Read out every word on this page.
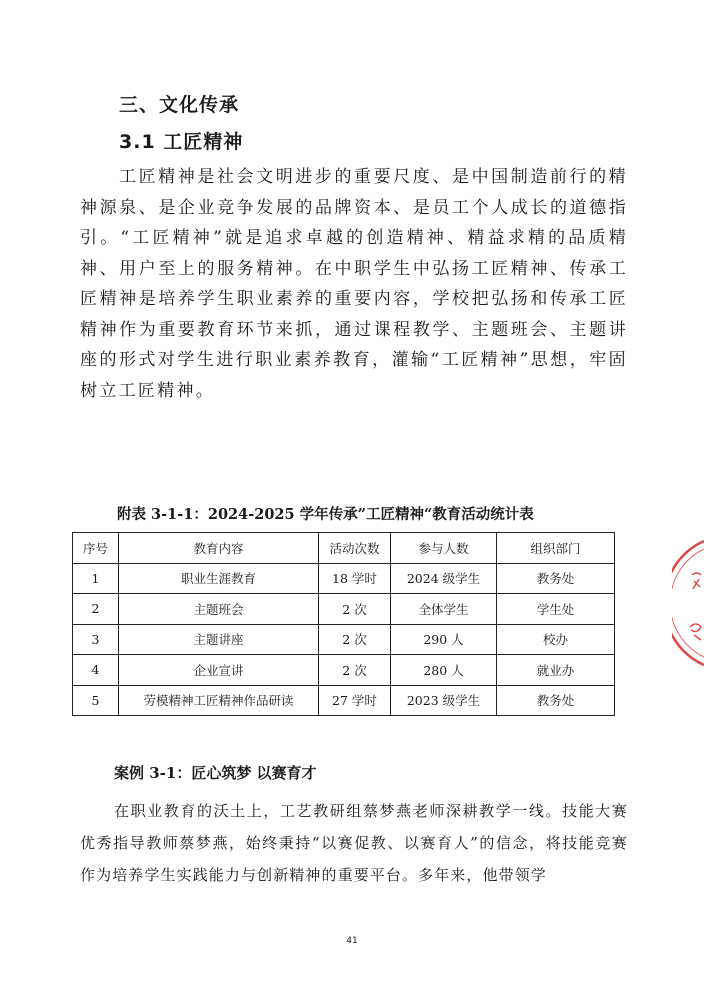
三、文化传承
3.1 工匠精神

工匠精神是社会文明进步的重要尺度、是中国制造前行的精神源泉、是企业竞争发展的品牌资本、是员工个人成长的道德指引。“工匠精神”就是追求卓越的创造精神、精益求精的品质精神、用户至上的服务精神。在中职学生中弘扬工匠精神、传承工匠精神是培养学生职业素养的重要内容，学校把弘扬和传承工匠精神作为重要教育环节来抓，通过课程教学、主题班会、主题讲座的形式对学生进行职业素养教育，灌输“工匠精神”思想，牢固树立工匠精神。

附表 3-1-1：2024-2025 学年传承”工匠精神“教育活动统计表
序号	教育内容	活动次数	参与人数	组织部门
1	职业生涯教育	18 学时	2024 级学生	教务处
2	主题班会	2 次	全体学生	学生处
3	主题讲座	2 次	290 人	校办
4	企业宣讲	2 次	280 人	就业办
5	劳模精神工匠精神作品研读	27 学时	2023 级学生	教务处
案例 3-1：匠心筑梦 以赛育才

在职业教育的沃土上，工艺教研组蔡梦燕老师深耕教学一线。技能大赛优秀指导教师蔡梦燕，始终秉持“以赛促教、以赛育人”的信念，将技能竞赛作为培养学生实践能力与创新精神的重要平台。多年来，他带领学

41
